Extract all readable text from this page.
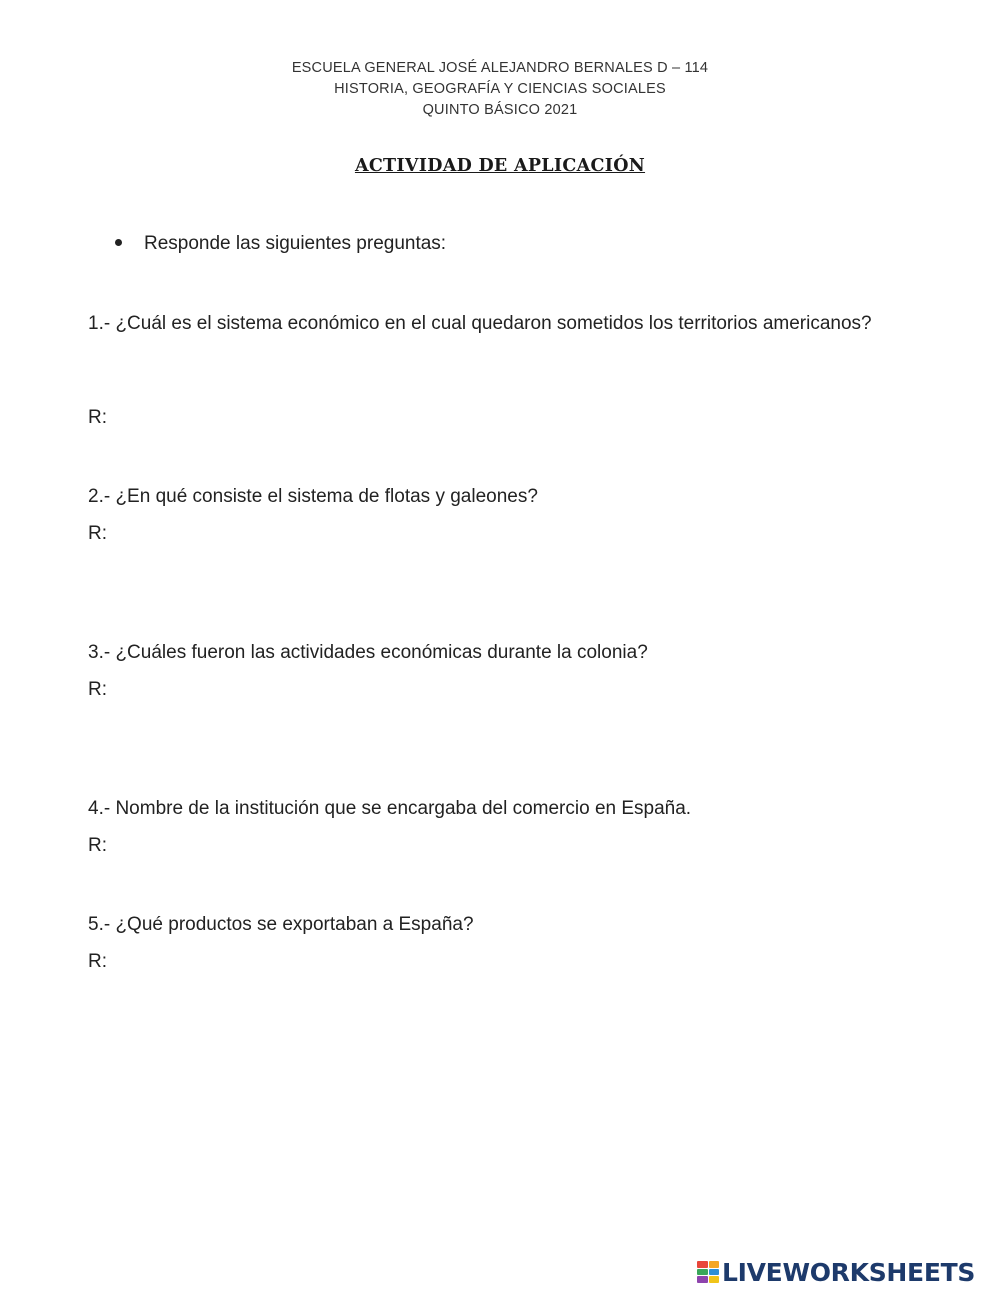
ESCUELA GENERAL JOSÉ ALEJANDRO BERNALES D – 114
HISTORIA, GEOGRAFÍA Y CIENCIAS SOCIALES
QUINTO BÁSICO 2021
ACTIVIDAD DE APLICACIÓN
Responde las siguientes preguntas:
1.- ¿Cuál es el sistema económico en el cual quedaron sometidos los territorios americanos?
R:
2.- ¿En qué consiste el sistema de flotas y galeones?
R:
3.- ¿Cuáles fueron las actividades económicas durante la colonia?
R:
4.- Nombre de la institución que se encargaba del comercio en España.
R:
5.- ¿Qué productos se exportaban a España?
R:
LIVEWORKSHEETS
